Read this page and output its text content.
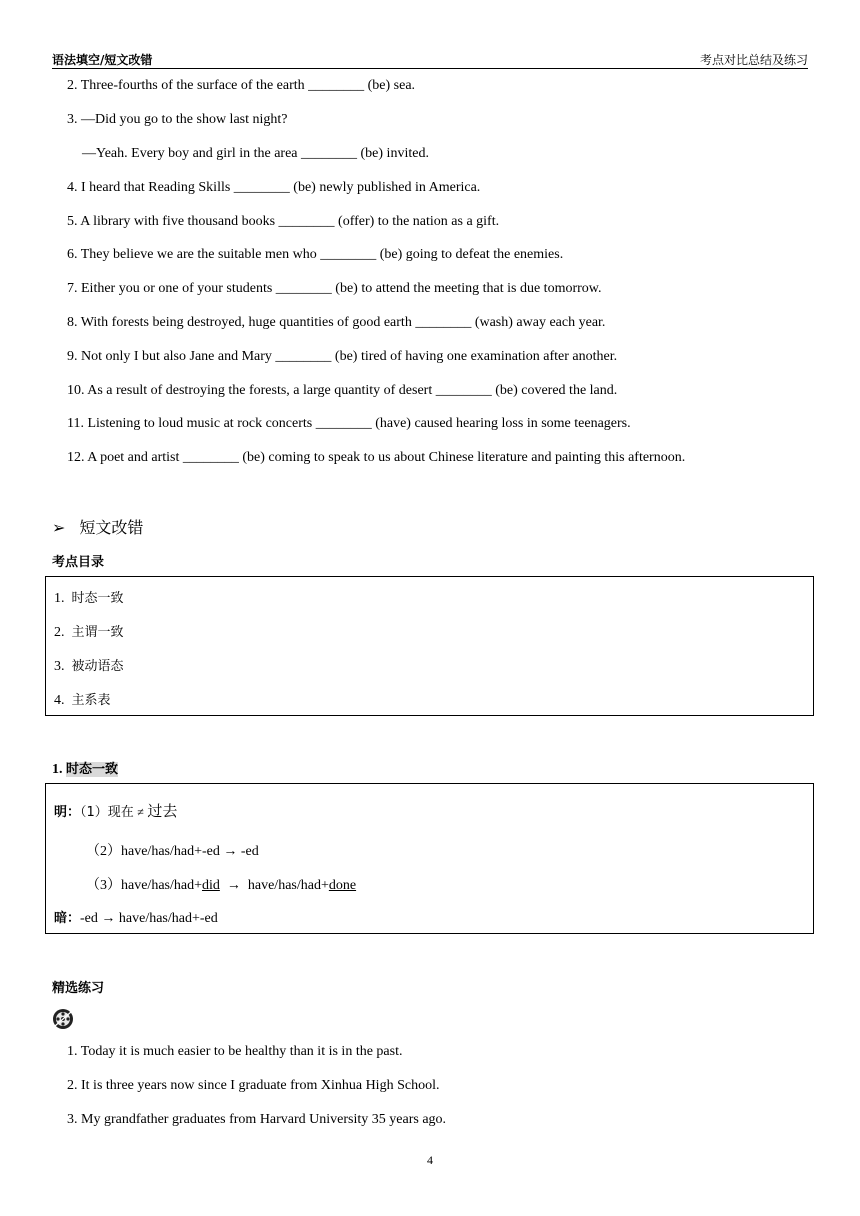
语法填空/短文改错	考点对比总结及练习
2. Three-fourths of the surface of the earth ________ (be) sea.
3. —Did you go to the show last night?
—Yeah. Every boy and girl in the area ________ (be) invited.
4. I heard that Reading Skills ________ (be) newly published in America.
5. A library with five thousand books ________ (offer) to the nation as a gift.
6. They believe we are the suitable men who ________ (be) going to defeat the enemies.
7. Either you or one of your students ________ (be) to attend the meeting that is due tomorrow.
8. With forests being destroyed, huge quantities of good earth ________ (wash) away each year.
9. Not only I but also Jane and Mary ________ (be) tired of having one examination after another.
10. As a result of destroying the forests, a large quantity of desert ________ (be) covered the land.
11. Listening to loud music at rock concerts ________ (have) caused hearing loss in some teenagers.
12. A poet and artist ________ (be) coming to speak to us about Chinese literature and painting this afternoon.
➢ 短文改错
考点目录
1. 时态一致
2. 主谓一致
3. 被动语态
4. 主系表
1. 时态一致
明：（1）现在 ≠ 过去
（2）have/has/had+-ed → -ed
（3）have/has/had+did  →  have/has/had+done
暗：-ed → have/has/had+-ed
精选练习
1. Today it is much easier to be healthy than it is in the past.
2. It is three years now since I graduate from Xinhua High School.
3. My grandfather graduates from Harvard University 35 years ago.
4
